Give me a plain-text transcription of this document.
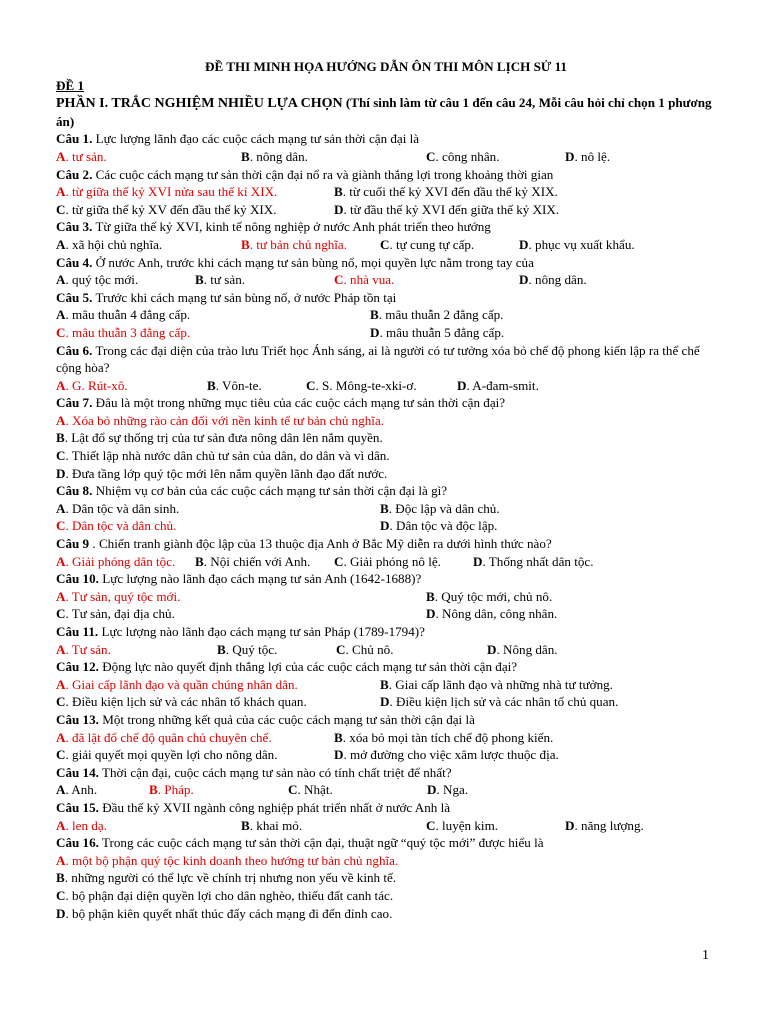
ĐỀ THI MINH HỌA HƯỚNG DẪN ÔN THI MÔN LỊCH SỬ 11
ĐỀ 1
PHẦN I. TRẮC NGHIỆM NHIỀU LỰA CHỌN (Thí sinh làm từ câu 1 đến câu 24, Mỗi câu hỏi chỉ chọn 1 phương án)
Câu 1. Lực lượng lãnh đạo các cuộc cách mạng tư sản thời cận đại là
A. tư sản.	B. nông dân.	C. công nhân.	D. nô lệ.
Câu 2. Các cuộc cách mạng tư sản thời cận đại nổ ra và giành thắng lợi trong khoảng thời gian
A. từ giữa thế kỷ XVI nửa sau thế kỉ XIX.	B. từ cuối thế kỷ XVI đến đầu thế kỷ XIX.
C. từ giữa thế kỷ XV đến đầu thế kỷ XIX.	D. từ đầu thế kỷ XVI đến giữa thế kỷ XIX.
Câu 3. Từ giữa thế kỷ XVI, kinh tế nông nghiệp ở nước Anh phát triển theo hướng
A. xã hội chủ nghĩa.	B. tư bản chủ nghĩa.	C. tự cung tự cấp.	D. phục vụ xuất khẩu.
Câu 4. Ở nước Anh, trước khi cách mạng tư sản bùng nổ, mọi quyền lực nằm trong tay của
A. quý tộc mới.	B. tư sản.	C. nhà vua.	D. nông dân.
Câu 5. Trước khi cách mạng tư sản bùng nổ, ở nước Pháp tồn tại
A. mâu thuẫn 4 đẳng cấp.	B. mâu thuẫn 2 đẳng cấp.
C. mâu thuẫn 3 đẳng cấp.	D. mâu thuẫn 5 đẳng cấp.
Câu 6. Trong các đại diện của trào lưu Triết học Ánh sáng, ai là người có tư tưởng xóa bỏ chế độ phong kiến lập ra thể chế cộng hòa?
A. G. Rút-xô.	B. Vôn-te.	C. S. Mông-te-xki-ơ.	D. A-đam-smit.
Câu 7. Đâu là một trong những mục tiêu của các cuộc cách mạng tư sản thời cận đại?
A. Xóa bỏ những rào cản đối với nền kinh tế tư bản chủ nghĩa.
B. Lật đổ sự thống trị của tư sản đưa nông dân lên nắm quyền.
C. Thiết lập nhà nước dân chủ tư sản của dân, do dân và vì dân.
D. Đưa tầng lớp quý tộc mới lên nắm quyền lãnh đạo đất nước.
Câu 8. Nhiệm vụ cơ bản của các cuộc cách mạng tư sản thời cận đại là gì?
A. Dân tộc và dân sinh.	B. Độc lập và dân chủ.
C. Dân tộc và dân chủ.	D. Dân tộc và độc lập.
Câu 9 . Chiến tranh giành độc lập của 13 thuộc địa Anh ở Bắc Mỹ diễn ra dưới hình thức nào?
A. Giải phóng dân tộc. B. Nội chiến với Anh. C. Giải phóng nô lệ. D. Thống nhất dân tộc.
Câu 10. Lực lượng nào lãnh đạo cách mạng tư sản Anh (1642-1688)?
A. Tư sản, quý tộc mới.	B. Quý tộc mới, chủ nô.
C. Tư sản, đại địa chủ.	D. Nông dân, công nhân.
Câu 11. Lực lượng nào lãnh đạo cách mạng tư sản Pháp (1789-1794)?
A. Tư sản.	B. Quý tộc.	C. Chủ nô.	D. Nông dân.
Câu 12. Động lực nào quyết định thắng lợi của các cuộc cách mạng tư sản thời cận đại?
A. Giai cấp lãnh đạo và quần chúng nhân dân.	B. Giai cấp lãnh đạo và những nhà tư tưởng.
C. Điều kiện lịch sử và các nhân tố khách quan.	D. Điều kiện lịch sử và các nhân tố chủ quan.
Câu 13. Một trong những kết quả của các cuộc cách mạng tư sản thời cận đại là
A. đã lật đổ chế độ quân chủ chuyên chế.	B. xóa bỏ mọi tàn tích chế độ phong kiến.
C. giải quyết mọi quyền lợi cho nông dân.	D. mở đường cho việc xâm lược thuộc địa.
Câu 14. Thời cận đại, cuộc cách mạng tư sản nào có tính chất triệt để nhất?
A. Anh.	B. Pháp.	C. Nhật.	D. Nga.
Câu 15. Đầu thế kỷ XVII ngành công nghiệp phát triển nhất ở nước Anh là
A. len dạ.	B. khai mỏ.	C. luyện kim.	D. năng lượng.
Câu 16. Trong các cuộc cách mạng tư sản thời cận đại, thuật ngữ “quý tộc mới” được hiểu là
A. một bộ phận quý tộc kinh doanh theo hướng tư bản chủ nghĩa.
B. những người có thể lực về chính trị nhưng non yếu về kinh tế.
C. bộ phận đại diện quyền lợi cho dân nghèo, thiếu đất canh tác.
D. bộ phận kiên quyết nhất thúc đẩy cách mạng đi đến đỉnh cao.
1
